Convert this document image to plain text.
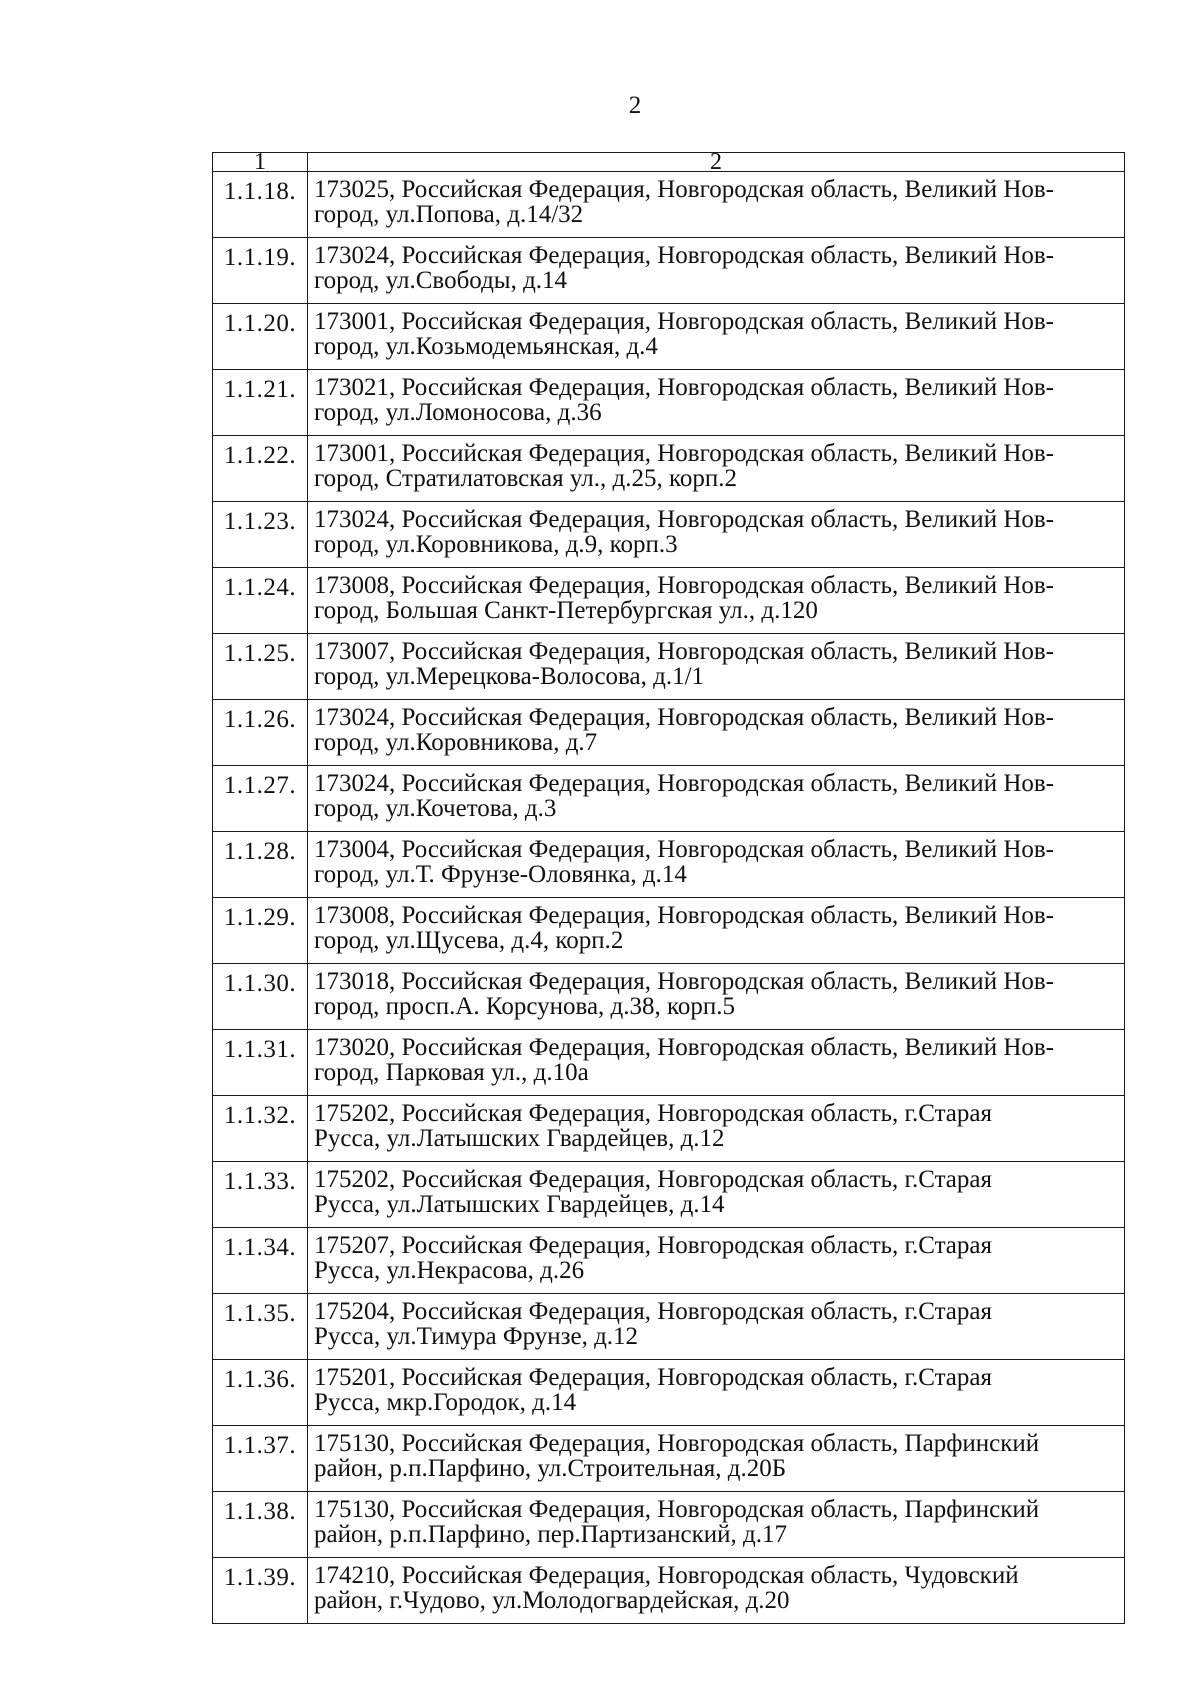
2
1	2
1.1.18.	173025, Российская Федерация, Новгородская область, Великий Нов-
город, ул.Попова, д.14/32

1.1.19.	173024, Российская Федерация, Новгородская область, Великий Нов-
город, ул.Свободы, д.14

1.1.20.	173001, Российская Федерация, Новгородская область, Великий Нов-
город, ул.Козьмодемьянская, д.4

1.1.21.	173021, Российская Федерация, Новгородская область, Великий Нов-
город, ул.Ломоносова, д.36

1.1.22.	173001, Российская Федерация, Новгородская область, Великий Нов-
город, Стратилатовская ул., д.25, корп.2

1.1.23.	173024, Российская Федерация, Новгородская область, Великий Нов-
город, ул.Коровникова, д.9, корп.3

1.1.24.	173008, Российская Федерация, Новгородская область, Великий Нов-
город, Большая Санкт-Петербургская ул., д.120

1.1.25.	173007, Российская Федерация, Новгородская область, Великий Нов-
город, ул.Мерецкова-Волосова, д.1/1

1.1.26.	173024, Российская Федерация, Новгородская область, Великий Нов-
город, ул.Коровникова, д.7

1.1.27.	173024, Российская Федерация, Новгородская область, Великий Нов-
город, ул.Кочетова, д.3

1.1.28.	173004, Российская Федерация, Новгородская область, Великий Нов-
город, ул.Т. Фрунзе-Оловянка, д.14

1.1.29.	173008, Российская Федерация, Новгородская область, Великий Нов-
город, ул.Щусева, д.4, корп.2

1.1.30.	173018, Российская Федерация, Новгородская область, Великий Нов-
город, просп.А. Корсунова, д.38, корп.5

1.1.31.	173020, Российская Федерация, Новгородская область, Великий Нов-
город, Парковая ул., д.10а

1.1.32.	175202, Российская Федерация, Новгородская область, г.Старая
Русса, ул.Латышских Гвардейцев, д.12

1.1.33.	175202, Российская Федерация, Новгородская область, г.Старая
Русса, ул.Латышских Гвардейцев, д.14

1.1.34.	175207, Российская Федерация, Новгородская область, г.Старая
Русса, ул.Некрасова, д.26

1.1.35.	175204, Российская Федерация, Новгородская область, г.Старая
Русса, ул.Тимура Фрунзе, д.12

1.1.36.	175201, Российская Федерация, Новгородская область, г.Старая
Русса, мкр.Городок, д.14

1.1.37.	175130, Российская Федерация, Новгородская область, Парфинский
район, р.п.Парфино, ул.Строительная, д.20Б

1.1.38.	175130, Российская Федерация, Новгородская область, Парфинский
район, р.п.Парфино, пер.Партизанский, д.17

1.1.39.	174210, Российская Федерация, Новгородская область, Чудовский
район, г.Чудово, ул.Молодогвардейская, д.20
